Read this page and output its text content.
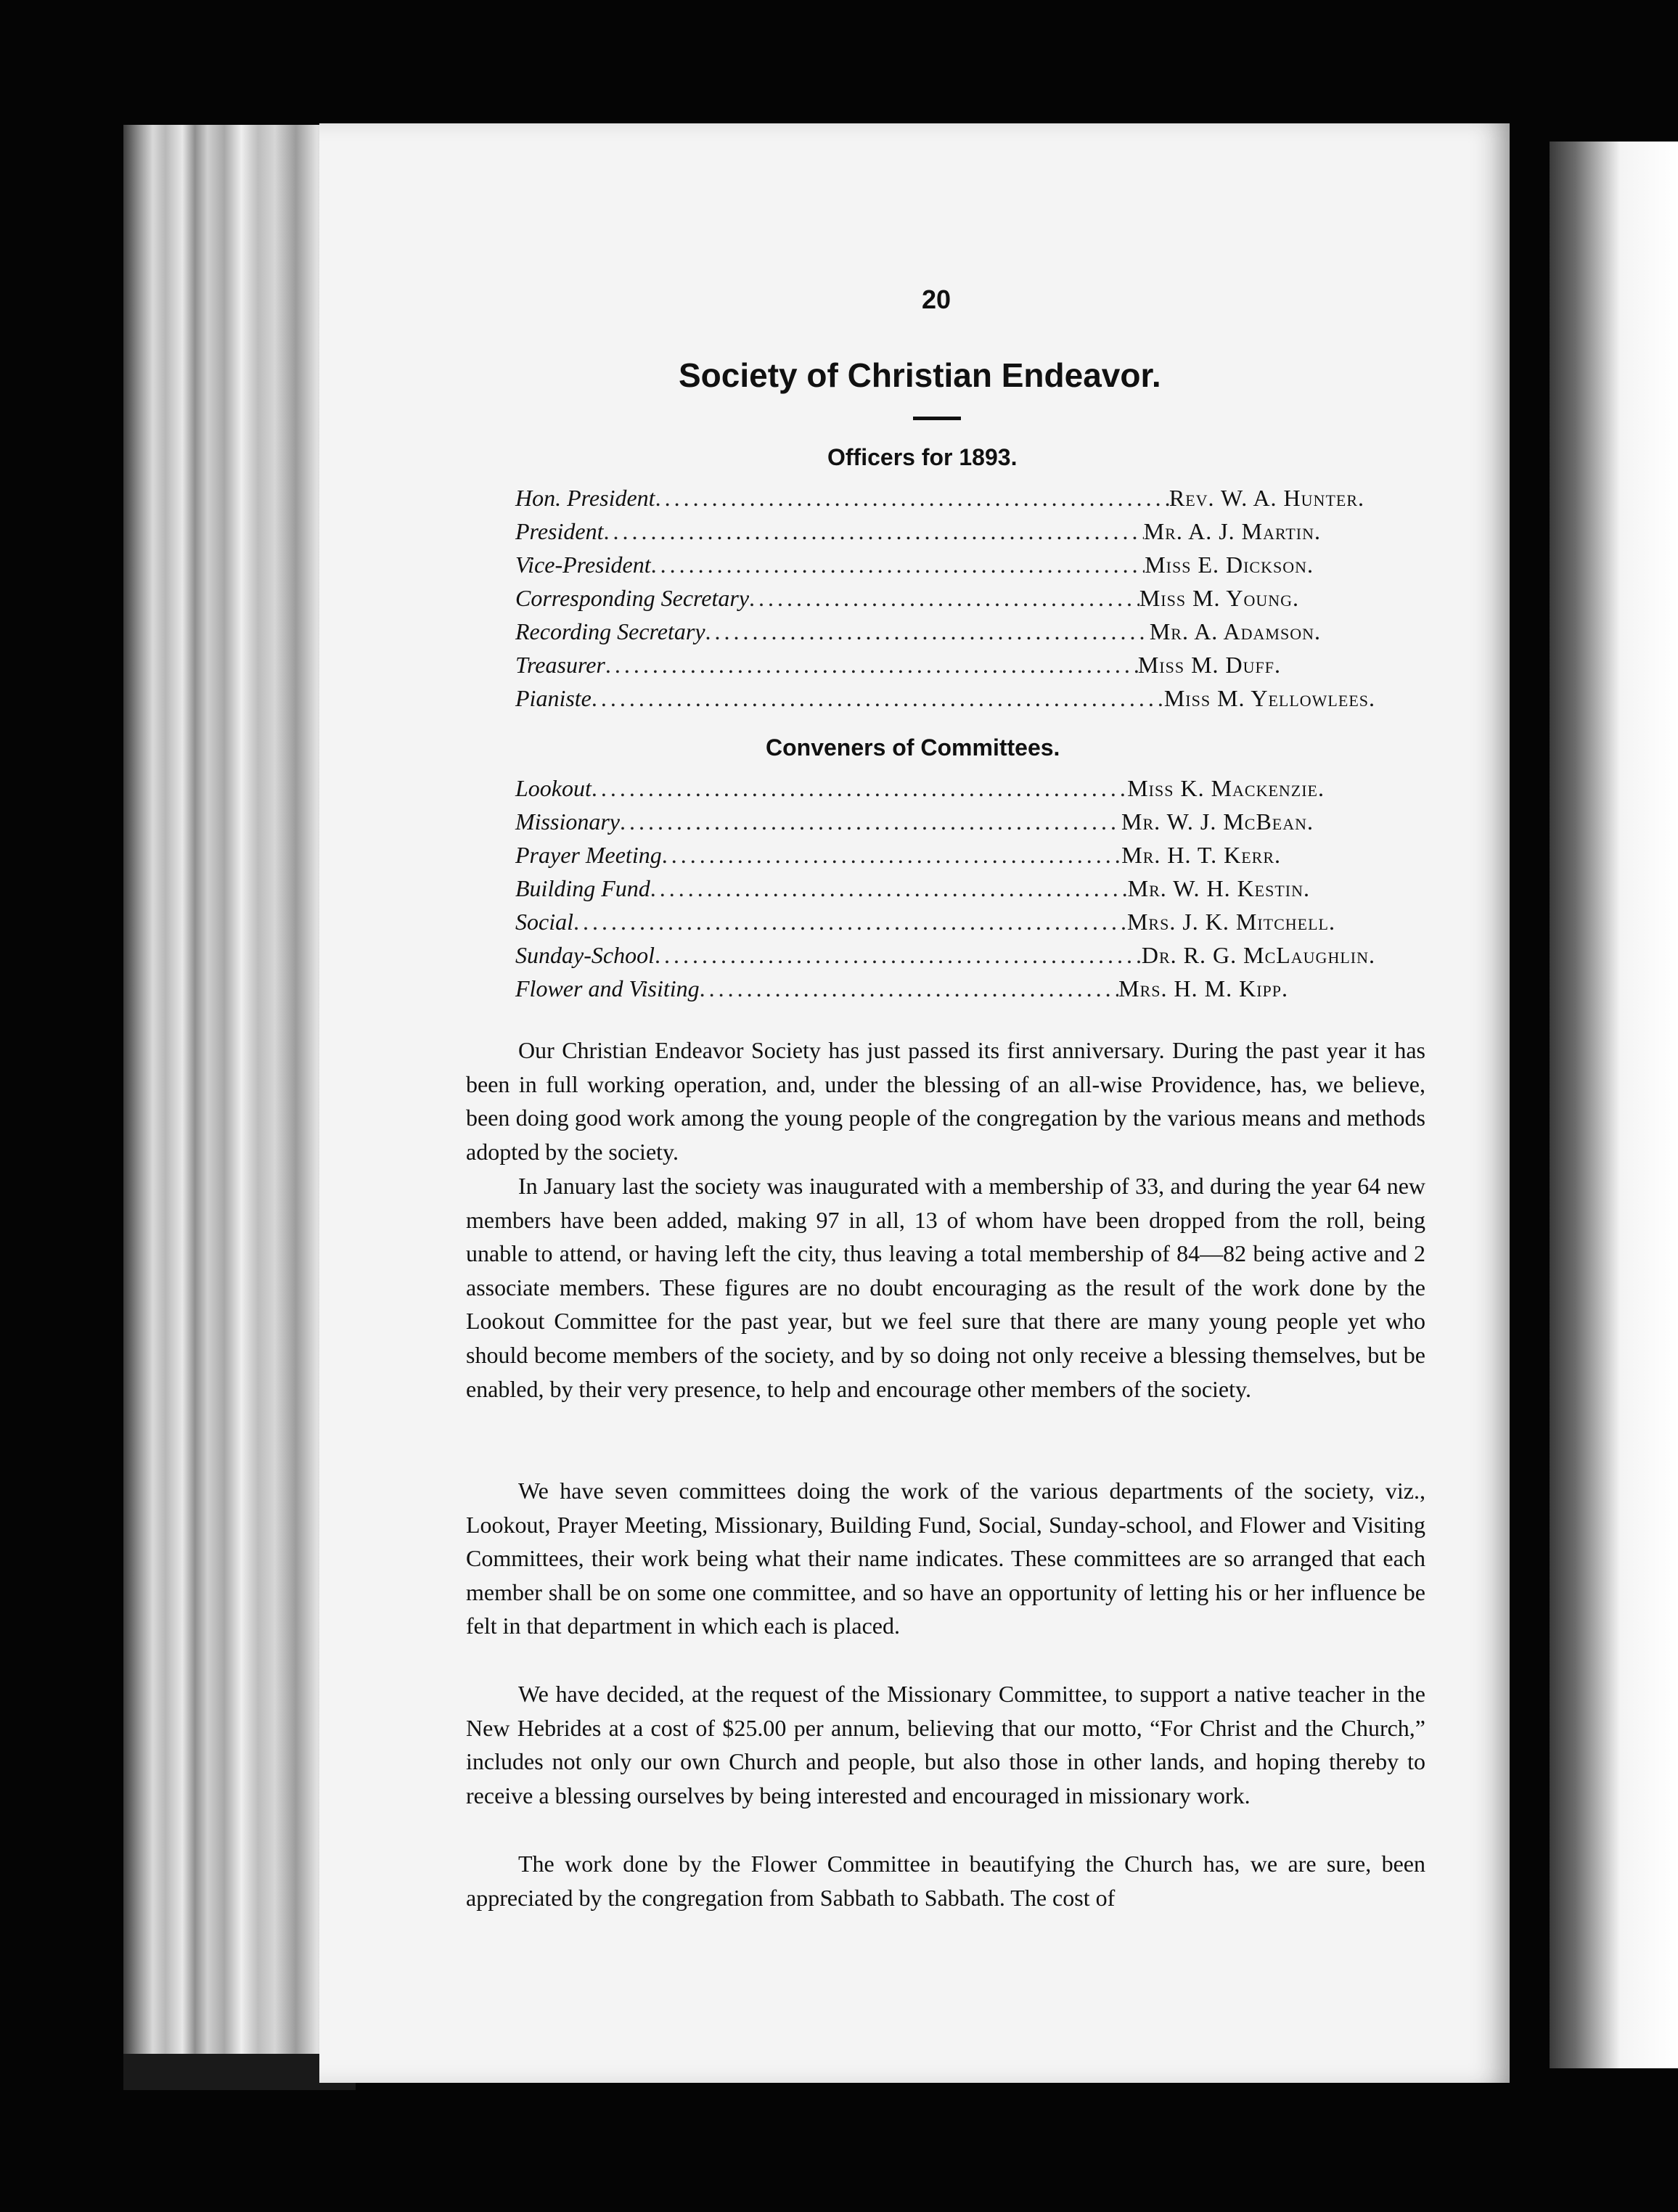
20
Society of Christian Endeavor.
Officers for 1893.
Hon. President .....	Rev. W. A. Hunter.
President .....	Mr. A. J. Martin.
Vice-President .....	Miss E. Dickson.
Corresponding Secretary .....	Miss M. Young.
Recording Secretary .....	Mr. A. Adamson.
Treasurer .....	Miss M. Duff.
Pianiste .....	Miss M. Yellowlees.
Conveners of Committees.
Lookout .....	Miss K. Mackenzie.
Missionary .....	Mr. W. J. McBean.
Prayer Meeting .....	Mr. H. T. Kerr.
Building Fund .....	Mr. W. H. Kestin.
Social .....	Mrs. J. K. Mitchell.
Sunday-School .....	Dr. R. G. McLaughlin.
Flower and Visiting .....	Mrs. H. M. Kipp.
Our Christian Endeavor Society has just passed its first anniversary. During the past year it has been in full working operation, and, under the blessing of an all-wise Providence, has, we believe, been doing good work among the young people of the congregation by the various means and methods adopted by the society.
In January last the society was inaugurated with a membership of 33, and during the year 64 new members have been added, making 97 in all, 13 of whom have been dropped from the roll, being unable to attend, or having left the city, thus leaving a total membership of 84—82 being active and 2 associate members. These figures are no doubt encouraging as the result of the work done by the Lookout Committee for the past year, but we feel sure that there are many young people yet who should become members of the society, and by so doing not only receive a blessing themselves, but be enabled, by their very presence, to help and encourage other members of the society.
We have seven committees doing the work of the various departments of the society, viz., Lookout, Prayer Meeting, Missionary, Building Fund, Social, Sunday-school, and Flower and Visiting Committees, their work being what their name indicates. These committees are so arranged that each member shall be on some one committee, and so have an opportunity of letting his or her influence be felt in that department in which each is placed.
We have decided, at the request of the Missionary Committee, to support a native teacher in the New Hebrides at a cost of $25.00 per annum, believing that our motto, “For Christ and the Church,” includes not only our own Church and people, but also those in other lands, and hoping thereby to receive a blessing ourselves by being interested and encouraged in missionary work.
The work done by the Flower Committee in beautifying the Church has, we are sure, been appreciated by the congregation from Sabbath to Sabbath. The cost of
